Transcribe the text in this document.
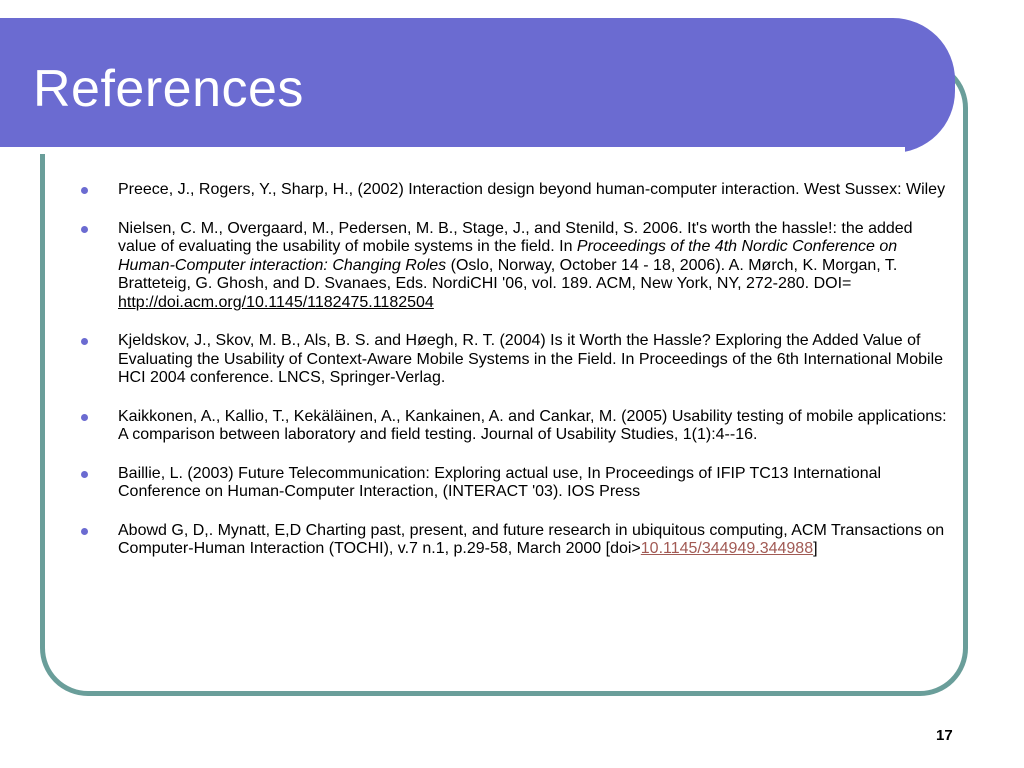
References
Preece, J., Rogers, Y., Sharp, H., (2002) Interaction design beyond human-computer interaction. West Sussex: Wiley
Nielsen, C. M., Overgaard, M., Pedersen, M. B., Stage, J., and Stenild, S. 2006. It's worth the hassle!: the added value of evaluating the usability of mobile systems in the field. In Proceedings of the 4th Nordic Conference on Human-Computer interaction: Changing Roles (Oslo, Norway, October 14 - 18, 2006). A. Mørch, K. Morgan, T. Bratteteig, G. Ghosh, and D. Svanaes, Eds. NordiCHI '06, vol. 189. ACM, New York, NY, 272-280. DOI= http://doi.acm.org/10.1145/1182475.1182504
Kjeldskov, J., Skov, M. B., Als, B. S. and Høegh, R. T. (2004) Is it Worth the Hassle? Exploring the Added Value of Evaluating the Usability of Context-Aware Mobile Systems in the Field. In Proceedings of the 6th International Mobile HCI 2004 conference. LNCS, Springer-Verlag.
Kaikkonen, A., Kallio, T., Kekäläinen, A., Kankainen, A. and Cankar, M. (2005) Usability testing of mobile applications: A comparison between laboratory and field testing. Journal of Usability Studies, 1(1):4--16.
Baillie, L. (2003) Future Telecommunication: Exploring actual use, In Proceedings of IFIP TC13 International Conference on Human-Computer Interaction, (INTERACT '03). IOS Press
Abowd G, D,. Mynatt, E,D Charting past, present, and future research in ubiquitous computing, ACM Transactions on Computer-Human Interaction (TOCHI), v.7 n.1, p.29-58, March 2000 [doi>10.1145/344949.344988]
17
